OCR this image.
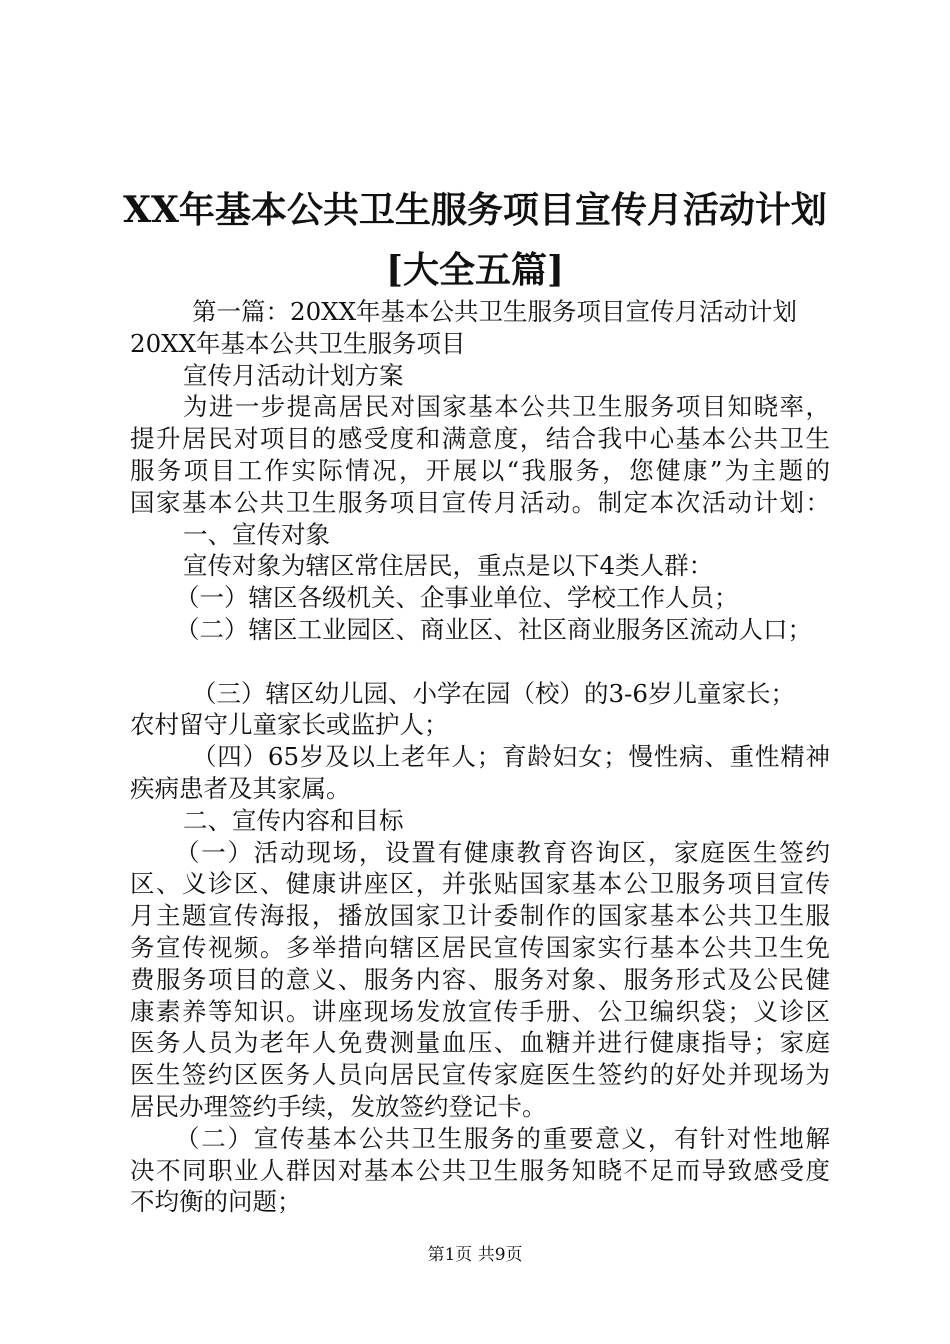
XX年基本公共卫生服务项目宣传月活动计划
[大全五篇]
第一篇：20XX年基本公共卫生服务项目宣传月活动计划
20XX年基本公共卫生服务项目
宣传月活动计划方案
为进一步提高居民对国家基本公共卫生服务项目知晓率，
提升居民对项目的感受度和满意度，结合我中心基本公共卫生
服务项目工作实际情况，开展以“我服务，您健康”为主题的
国家基本公共卫生服务项目宣传月活动。制定本次活动计划：
一、宣传对象
宣传对象为辖区常住居民，重点是以下4类人群：
（一）辖区各级机关、企事业单位、学校工作人员；
（二）辖区工业园区、商业区、社区商业服务区流动人口；
（三）辖区幼儿园、小学在园（校）的3-6岁儿童家长；
农村留守儿童家长或监护人；
（四）65岁及以上老年人；育龄妇女；慢性病、重性精神
疾病患者及其家属。
二、宣传内容和目标
（一）活动现场，设置有健康教育咨询区，家庭医生签约
区、义诊区、健康讲座区，并张贴国家基本公卫服务项目宣传
月主题宣传海报，播放国家卫计委制作的国家基本公共卫生服
务宣传视频。多举措向辖区居民宣传国家实行基本公共卫生免
费服务项目的意义、服务内容、服务对象、服务形式及公民健
康素养等知识。讲座现场发放宣传手册、公卫编织袋；义诊区
医务人员为老年人免费测量血压、血糖并进行健康指导；家庭
医生签约区医务人员向居民宣传家庭医生签约的好处并现场为
居民办理签约手续，发放签约登记卡。
（二）宣传基本公共卫生服务的重要意义，有针对性地解
决不同职业人群因对基本公共卫生服务知晓不足而导致感受度
不均衡的问题；
第1页 共9页
